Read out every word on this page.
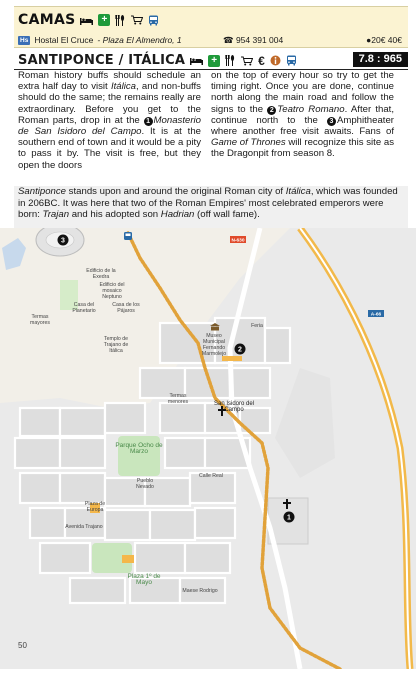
CAMAS	+
Hs Hostal El Cruce - Plaza El Almendro, 1	☎ 954 391 004	●20€ 40€
SANTIPONCE / ITÁLICA	+	€	7.8 : 965
Roman history buffs should schedule an extra half day to visit Itálica, and non-buffs should do the same; the remains really are extraordinary. Before you get to the Roman parts, drop in at the 1 Monasterio de San Isidoro del Campo. It is at the southern end of town and it would be a pity to pass it by. The visit is free, but they open the doors
on the top of every hour so try to get the timing right. Once you are done, continue north along the main road and follow the signs to the 2 Teatro Romano. After that, continue north to the 3 Amphitheater where another free visit awaits. Fans of Game of Thrones will recognize this site as the Dragonpit from season 8.
Santiponce stands upon and around the original Roman city of Itálica, which was founded in 206BC. It was here that two of the Roman Empires' most celebrated emperors were born: Trajan and his adopted son Hadrian (off wall fame).
3
2
1
N-630
A-66
Edificio de la Exedra
Edificio del mosaico Neptuno
Casa del Planetario
Casa de los Pájaros
Termas mayores
Templo de Trajano de Itálica
Museo Municipal Fernando Marmolejo
Termas menores	San Isidoro del Campo
Parque Ocho de Marzo
Plaza 1º de Mayo
Pueblo Nevado
Calle Real
Avenida Trajano
Feria
Maese Rodrigo
Plaza de Europa
50
